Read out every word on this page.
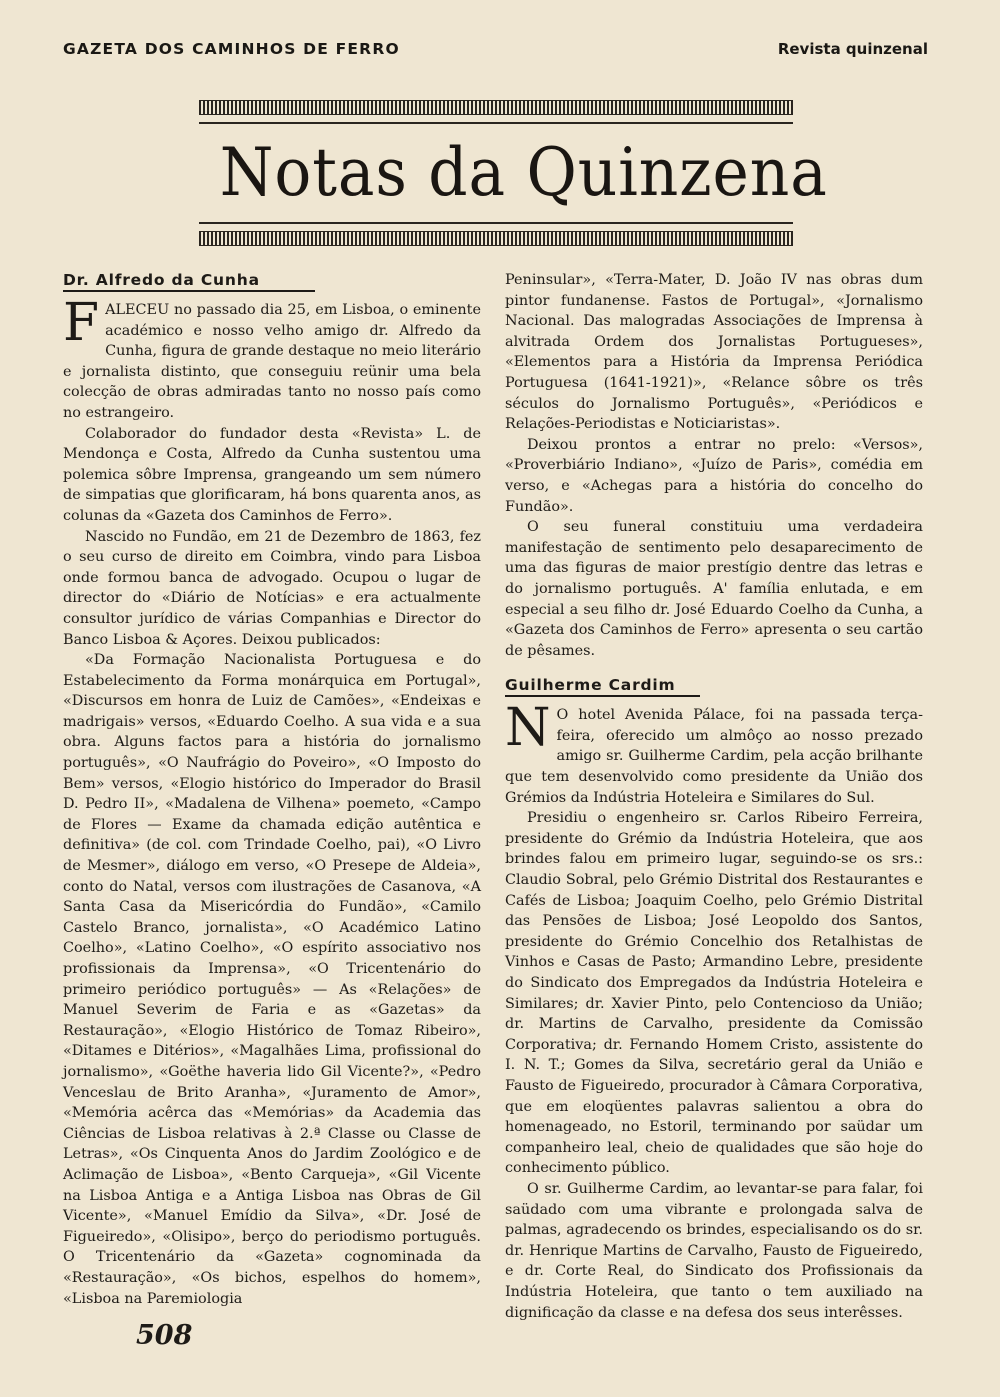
GAZETA DOS CAMINHOS DE FERRO	Revista quinzenal
Notas da Quinzena
Dr. Alfredo da Cunha

FALECEU no passado dia 25, em Lisboa, o eminente académico e nosso velho amigo dr. Alfredo da Cunha, figura de grande destaque no meio literário e jornalista distinto, que conseguiu reünir uma bela colecção de obras admiradas tanto no nosso país como no estrangeiro.

Colaborador do fundador desta «Revista» L. de Mendonça e Costa, Alfredo da Cunha sustentou uma polemica sôbre Imprensa, grangeando um sem número de simpatias que glorificaram, há bons quarenta anos, as colunas da «Gazeta dos Caminhos de Ferro».

Nascido no Fundão, em 21 de Dezembro de 1863, fez o seu curso de direito em Coimbra, vindo para Lisboa onde formou banca de advogado. Ocupou o lugar de director do «Diário de Notícias» e era actualmente consultor jurídico de várias Companhias e Director do Banco Lisboa & Açores. Deixou publicados:

«Da Formação Nacionalista Portuguesa e do Estabelecimento da Forma monárquica em Portugal», «Discursos em honra de Luiz de Camões», «Endeixas e madrigais» versos, «Eduardo Coelho. A sua vida e a sua obra. Alguns factos para a história do jornalismo português», «O Naufrágio do Poveiro», «O Imposto do Bem» versos, «Elogio histórico do Imperador do Brasil D. Pedro II», «Madalena de Vilhena» poemeto, «Campo de Flores — Exame da chamada edição autêntica e definitiva» (de col. com Trindade Coelho, pai), «O Livro de Mesmer», diálogo em verso, «O Presepe de Aldeia», conto do Natal, versos com ilustrações de Casanova, «A Santa Casa da Misericórdia do Fundão», «Camilo Castelo Branco, jornalista», «O Académico Latino Coelho», «Latino Coelho», «O espírito associativo nos profissionais da Imprensa», «O Tricentenário do primeiro periódico português» — As «Relações» de Manuel Severim de Faria e as «Gazetas» da Restauração», «Elogio Histórico de Tomaz Ribeiro», «Ditames e Ditérios», «Magalhães Lima, profissional do jornalismo», «Goëthe haveria lido Gil Vicente?», «Pedro Venceslau de Brito Aranha», «Juramento de Amor», «Memória acêrca das «Memórias» da Academia das Ciências de Lisboa relativas à 2.ª Classe ou Classe de Letras», «Os Cinquenta Anos do Jardim Zoológico e de Aclimação de Lisboa», «Bento Carqueja», «Gil Vicente na Lisboa Antiga e a Antiga Lisboa nas Obras de Gil Vicente», «Manuel Emídio da Silva», «Dr. José de Figueiredo», «Olisipo», berço do periodismo português. O Tricentenário da «Gazeta» cognominada da «Restauração», «Os bichos, espelhos do homem», «Lisboa na Paremiologia

Peninsular», «Terra-Mater, D. João IV nas obras dum pintor fundanense. Fastos de Portugal», «Jornalismo Nacional. Das malogradas Associações de Imprensa à alvitrada Ordem dos Jornalistas Portugueses», «Elementos para a História da Imprensa Periódica Portuguesa (1641-1921)», «Relance sôbre os três séculos do Jornalismo Português», «Periódicos e Relações-Periodistas e Noticiaristas».

Deixou prontos a entrar no prelo: «Versos», «Proverbiário Indiano», «Juízo de Paris», comédia em verso, e «Achegas para a história do concelho do Fundão».

O seu funeral constituiu uma verdadeira manifestação de sentimento pelo desaparecimento de uma das figuras de maior prestígio dentre das letras e do jornalismo português. A' família enlutada, e em especial a seu filho dr. José Eduardo Coelho da Cunha, a «Gazeta dos Caminhos de Ferro» apresenta o seu cartão de pêsames.

Guilherme Cardim

N O hotel Avenida Pálace, foi na passada terça-feira, oferecido um almôço ao nosso prezado amigo sr. Guilherme Cardim, pela acção brilhante que tem desenvolvido como presidente da União dos Grémios da Indústria Hoteleira e Similares do Sul.

Presidiu o engenheiro sr. Carlos Ribeiro Ferreira, presidente do Grémio da Indústria Hoteleira, que aos brindes falou em primeiro lugar, seguindo-se os srs.: Claudio Sobral, pelo Grémio Distrital dos Restaurantes e Cafés de Lisboa; Joaquim Coelho, pelo Grémio Distrital das Pensões de Lisboa; José Leopoldo dos Santos, presidente do Grémio Concelhio dos Retalhistas de Vinhos e Casas de Pasto; Armandino Lebre, presidente do Sindicato dos Empregados da Indústria Hoteleira e Similares; dr. Xavier Pinto, pelo Contencioso da União; dr. Martins de Carvalho, presidente da Comissão Corporativa; dr. Fernando Homem Cristo, assistente do I. N. T.; Gomes da Silva, secretário geral da União e Fausto de Figueiredo, procurador à Câmara Corporativa, que em eloqüentes palavras salientou a obra do homenageado, no Estoril, terminando por saüdar um companheiro leal, cheio de qualidades que são hoje do conhecimento público.

O sr. Guilherme Cardim, ao levantar-se para falar, foi saüdado com uma vibrante e prolongada salva de palmas, agradecendo os brindes, especialisando os do sr. dr. Henrique Martins de Carvalho, Fausto de Figueiredo, e dr. Corte Real, do Sindicato dos Profissionais da Indústria Hoteleira, que tanto o tem auxiliado na dignificação da classe e na defesa dos seus interêsses.

508
